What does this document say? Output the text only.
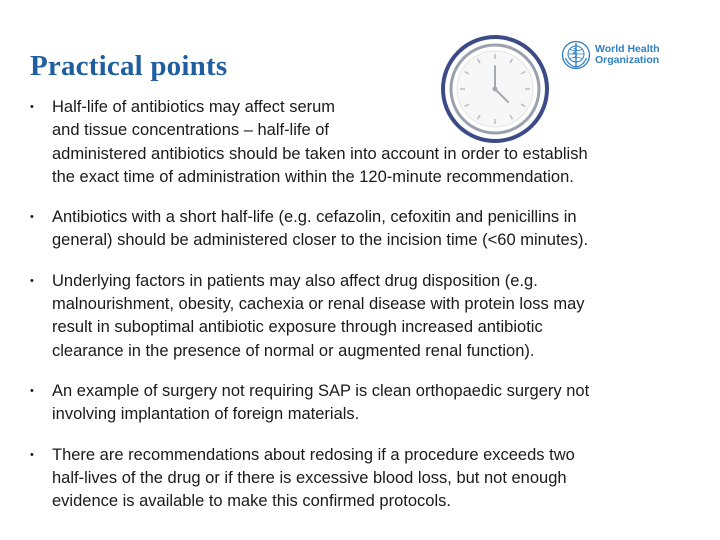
Practical points
World Health
Organization
• Half-life of antibiotics may affect serum
and tissue concentrations – half-life of
administered antibiotics should be taken into account in order to establish
the exact time of administration within the 120-minute recommendation.
• Antibiotics with a short half-life (e.g. cefazolin, cefoxitin and penicillins in
general) should be administered closer to the incision time (<60 minutes).
• Underlying factors in patients may also affect drug disposition (e.g.
malnourishment, obesity, cachexia or renal disease with protein loss may
result in suboptimal antibiotic exposure through increased antibiotic
clearance in the presence of normal or augmented renal function).
• An example of surgery not requiring SAP is clean orthopaedic surgery not
involving implantation of foreign materials.
• There are recommendations about redosing if a procedure exceeds two
half-lives of the drug or if there is excessive blood loss, but not enough
evidence is available to make this confirmed protocols.
